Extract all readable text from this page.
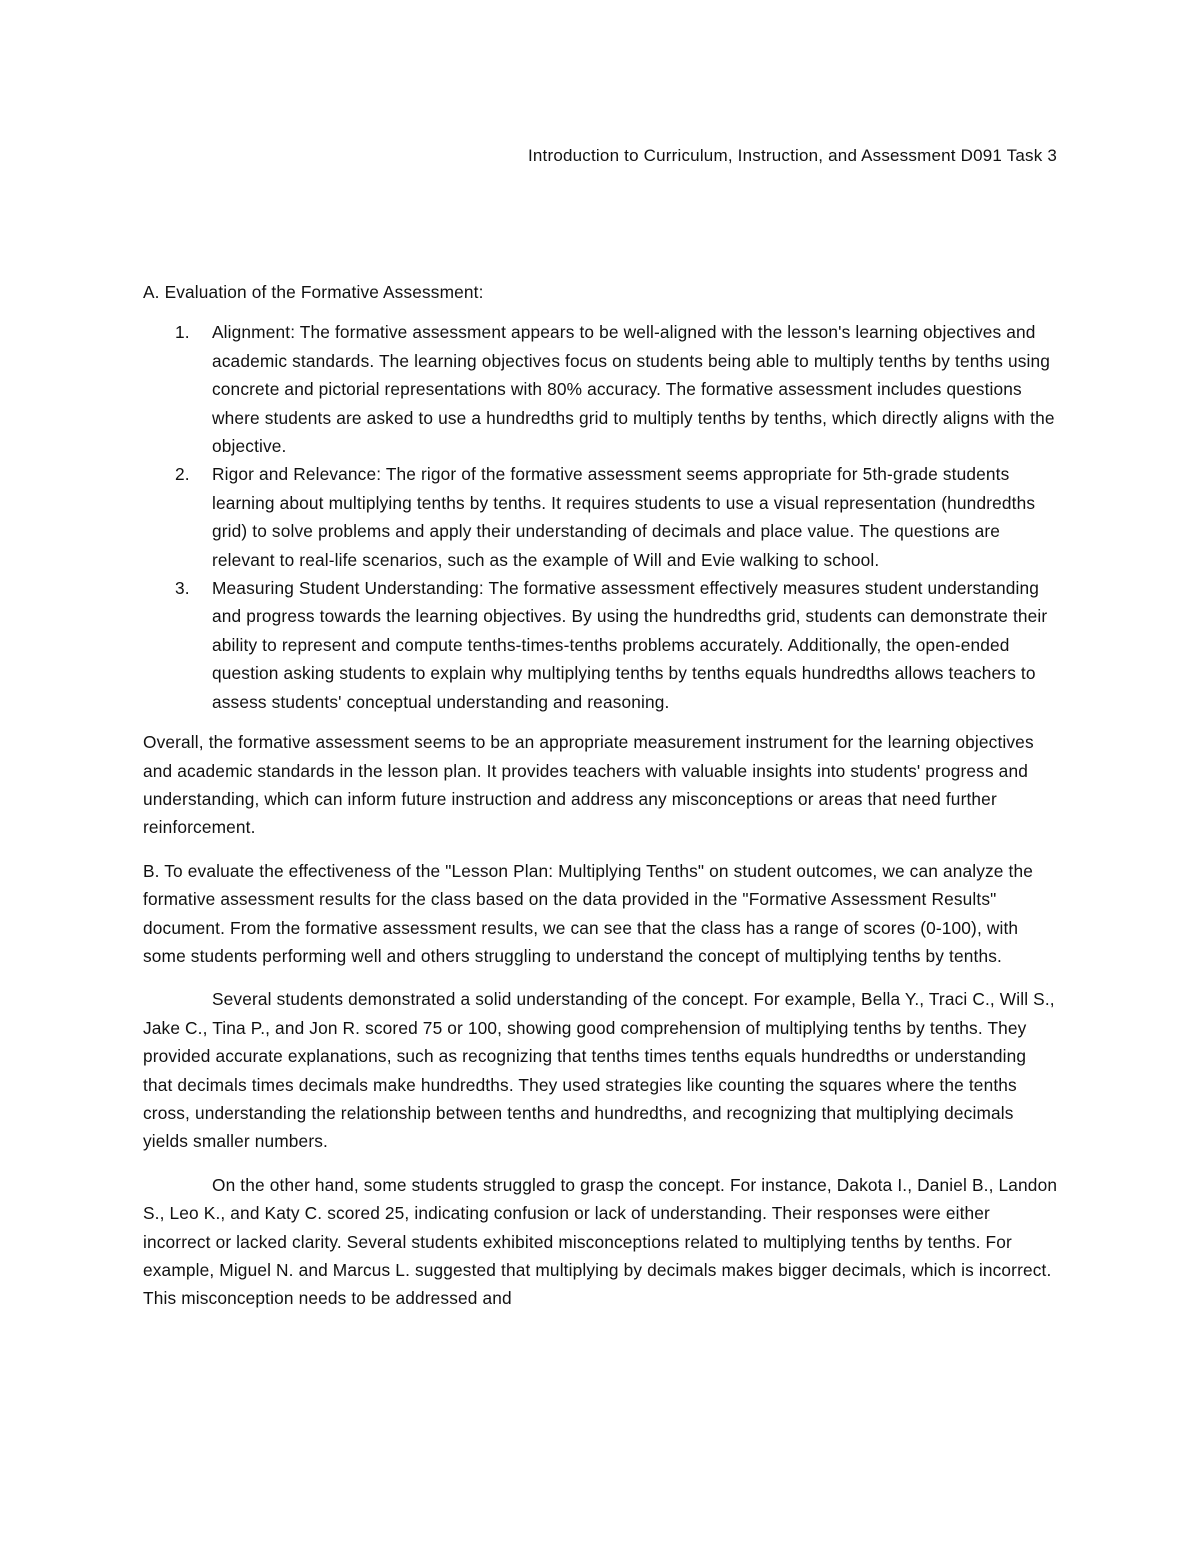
Introduction to Curriculum, Instruction, and Assessment D091 Task 3

A. Evaluation of the Formative Assessment:

1. Alignment: The formative assessment appears to be well-aligned with the lesson's learning objectives and academic standards. The learning objectives focus on students being able to multiply tenths by tenths using concrete and pictorial representations with 80% accuracy. The formative assessment includes questions where students are asked to use a hundredths grid to multiply tenths by tenths, which directly aligns with the objective.
2. Rigor and Relevance: The rigor of the formative assessment seems appropriate for 5th-grade students learning about multiplying tenths by tenths. It requires students to use a visual representation (hundredths grid) to solve problems and apply their understanding of decimals and place value. The questions are relevant to real-life scenarios, such as the example of Will and Evie walking to school.
3. Measuring Student Understanding: The formative assessment effectively measures student understanding and progress towards the learning objectives. By using the hundredths grid, students can demonstrate their ability to represent and compute tenths-times-tenths problems accurately. Additionally, the open-ended question asking students to explain why multiplying tenths by tenths equals hundredths allows teachers to assess students' conceptual understanding and reasoning.

Overall, the formative assessment seems to be an appropriate measurement instrument for the learning objectives and academic standards in the lesson plan. It provides teachers with valuable insights into students' progress and understanding, which can inform future instruction and address any misconceptions or areas that need further reinforcement.

B. To evaluate the effectiveness of the "Lesson Plan: Multiplying Tenths" on student outcomes, we can analyze the formative assessment results for the class based on the data provided in the "Formative Assessment Results" document. From the formative assessment results, we can see that the class has a range of scores (0-100), with some students performing well and others struggling to understand the concept of multiplying tenths by tenths.

Several students demonstrated a solid understanding of the concept. For example, Bella Y., Traci C., Will S., Jake C., Tina P., and Jon R. scored 75 or 100, showing good comprehension of multiplying tenths by tenths. They provided accurate explanations, such as recognizing that tenths times tenths equals hundredths or understanding that decimals times decimals make hundredths. They used strategies like counting the squares where the tenths cross, understanding the relationship between tenths and hundredths, and recognizing that multiplying decimals yields smaller numbers.

On the other hand, some students struggled to grasp the concept. For instance, Dakota I., Daniel B., Landon S., Leo K., and Katy C. scored 25, indicating confusion or lack of understanding. Their responses were either incorrect or lacked clarity. Several students exhibited misconceptions related to multiplying tenths by tenths. For example, Miguel N. and Marcus L. suggested that multiplying by decimals makes bigger decimals, which is incorrect. This misconception needs to be addressed and
